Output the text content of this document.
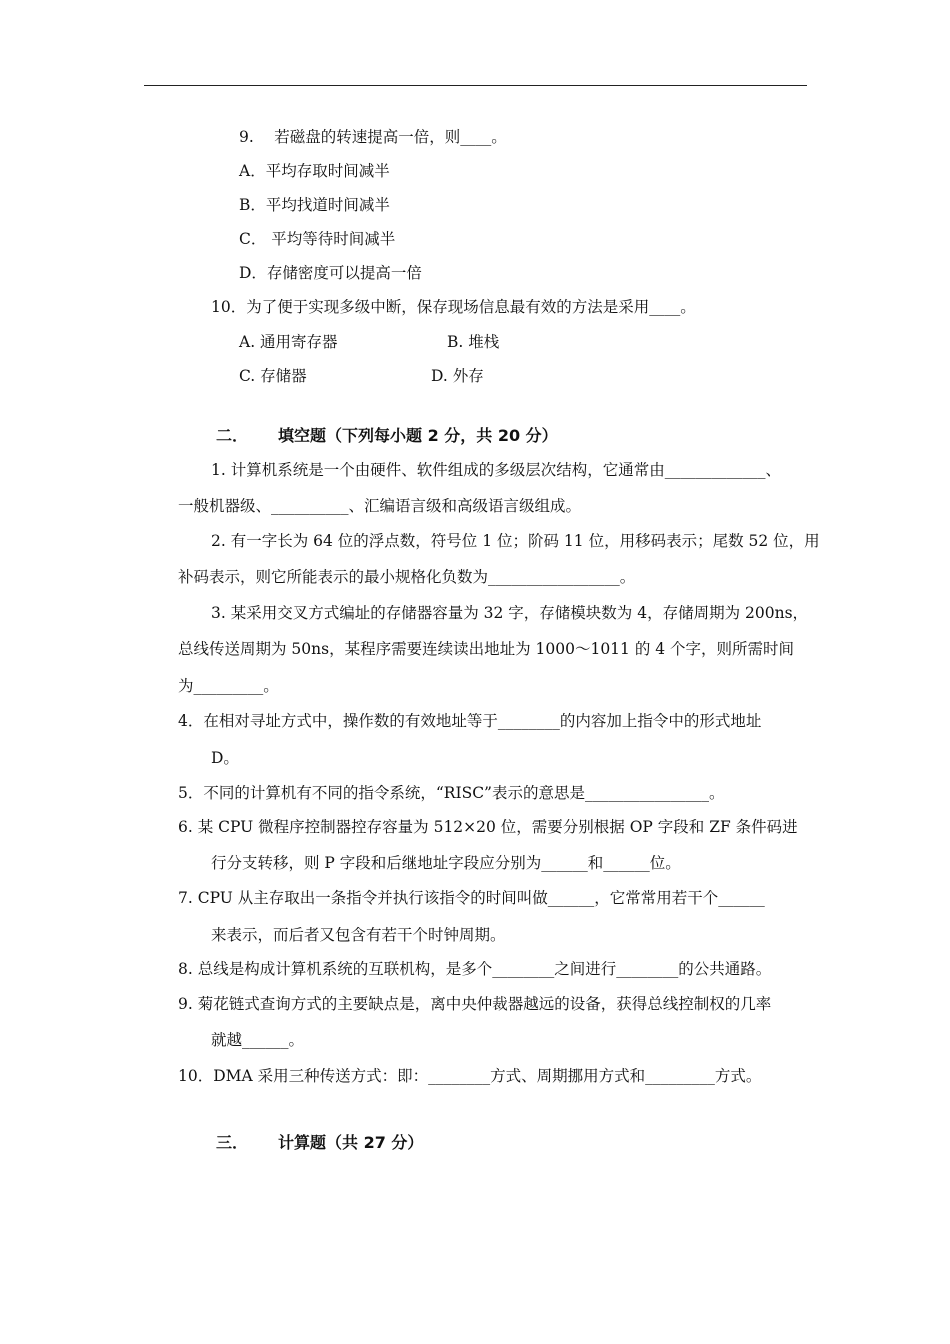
9.　 若磁盘的转速提高一倍，则____。
A．平均存取时间减半
B．平均找道时间减半
C． 平均等待时间减半
D．存储密度可以提高一倍
10．为了便于实现多级中断，保存现场信息最有效的方法是采用____。
A. 通用寄存器	B. 堆栈
C. 存储器	D. 外存
二． 填空题（下列每小题 2 分，共 20 分）
1. 计算机系统是一个由硬件、软件组成的多级层次结构，它通常由_____________、
一般机器级、__________、汇编语言级和高级语言级组成。
2. 有一字长为 64 位的浮点数，符号位 1 位；阶码 11 位，用移码表示；尾数 52 位，用
补码表示，则它所能表示的最小规格化负数为_________________。
3. 某采用交叉方式编址的存储器容量为 32 字，存储模块数为 4，存储周期为 200ns，
总线传送周期为 50ns，某程序需要连续读出地址为 1000～1011 的 4 个字，则所需时间
为_________。
4．在相对寻址方式中，操作数的有效地址等于________的内容加上指令中的形式地址
D。
5．不同的计算机有不同的指令系统，“RISC”表示的意思是________________。
6. 某 CPU 微程序控制器控存容量为 512×20 位，需要分别根据 OP 字段和 ZF 条件码进
行分支转移，则 P 字段和后继地址字段应分别为______和______位。
7. CPU 从主存取出一条指令并执行该指令的时间叫做______，它常常用若干个______
来表示，而后者又包含有若干个时钟周期。
8. 总线是构成计算机系统的互联机构，是多个________之间进行________的公共通路。
9. 菊花链式查询方式的主要缺点是，离中央仲裁器越远的设备，获得总线控制权的几率
就越______。
10．DMA 采用三种传送方式：即：________方式、周期挪用方式和_________方式。
三． 计算题（共 27 分）
